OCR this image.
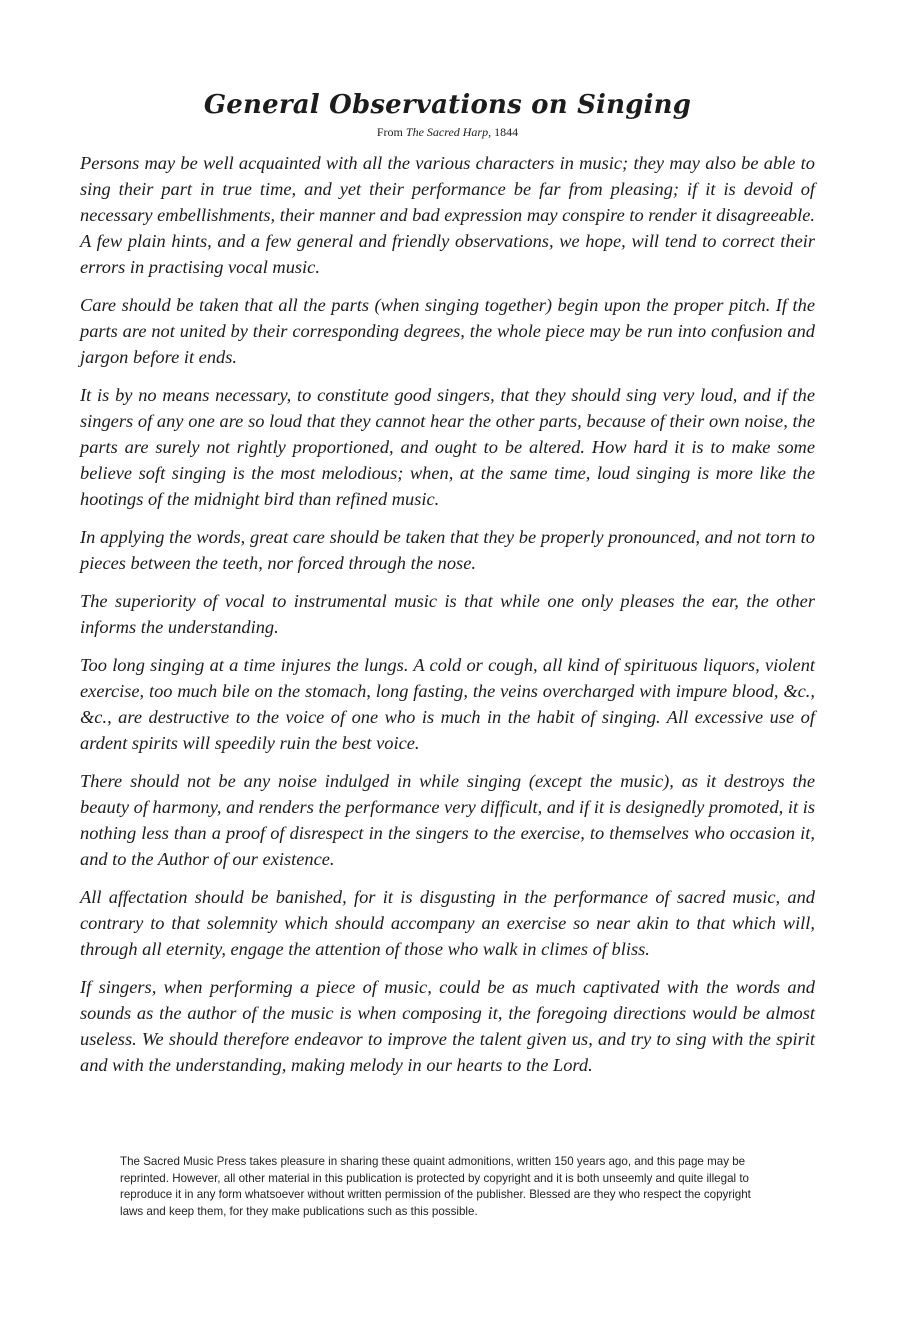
General Observations on Singing

From The Sacred Harp, 1844

Persons may be well acquainted with all the various characters in music; they may also be able to sing their part in true time, and yet their performance be far from pleasing; if it is devoid of necessary embellishments, their manner and bad expression may conspire to render it disagreeable. A few plain hints, and a few general and friendly observations, we hope, will tend to correct their errors in practising vocal music.

Care should be taken that all the parts (when singing together) begin upon the proper pitch. If the parts are not united by their corresponding degrees, the whole piece may be run into confusion and jargon before it ends.

It is by no means necessary, to constitute good singers, that they should sing very loud, and if the singers of any one are so loud that they cannot hear the other parts, because of their own noise, the parts are surely not rightly proportioned, and ought to be altered. How hard it is to make some believe soft singing is the most melodious; when, at the same time, loud singing is more like the hootings of the midnight bird than refined music.

In applying the words, great care should be taken that they be properly pronounced, and not torn to pieces between the teeth, nor forced through the nose.

The superiority of vocal to instrumental music is that while one only pleases the ear, the other informs the understanding.

Too long singing at a time injures the lungs. A cold or cough, all kind of spirituous liquors, violent exercise, too much bile on the stomach, long fasting, the veins overcharged with impure blood, &c., &c., are destructive to the voice of one who is much in the habit of singing. All excessive use of ardent spirits will speedily ruin the best voice.

There should not be any noise indulged in while singing (except the music), as it destroys the beauty of harmony, and renders the performance very difficult, and if it is designedly promoted, it is nothing less than a proof of disrespect in the singers to the exercise, to themselves who occasion it, and to the Author of our existence.

All affectation should be banished, for it is disgusting in the performance of sacred music, and contrary to that solemnity which should accompany an exercise so near akin to that which will, through all eternity, engage the attention of those who walk in climes of bliss.

If singers, when performing a piece of music, could be as much captivated with the words and sounds as the author of the music is when composing it, the foregoing directions would be almost useless. We should therefore endeavor to improve the talent given us, and try to sing with the spirit and with the understanding, making melody in our hearts to the Lord.

The Sacred Music Press takes pleasure in sharing these quaint admonitions, written 150 years ago, and this page may be reprinted. However, all other material in this publication is protected by copyright and it is both unseemly and quite illegal to reproduce it in any form whatsoever without written permission of the publisher. Blessed are they who respect the copyright laws and keep them, for they make publications such as this possible.
